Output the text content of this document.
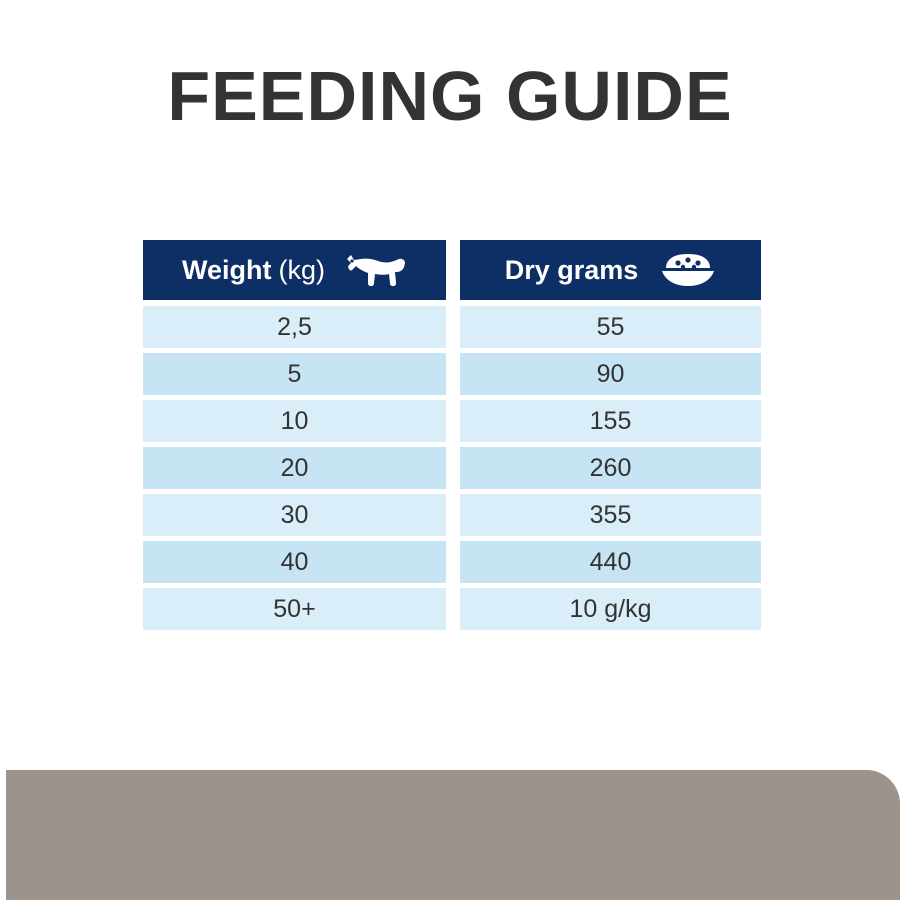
FEEDING GUIDE
Weight (kg)	Dry grams
2,5	55
5	90
10	155
20	260
30	355
40	440
50+	10 g/kg
